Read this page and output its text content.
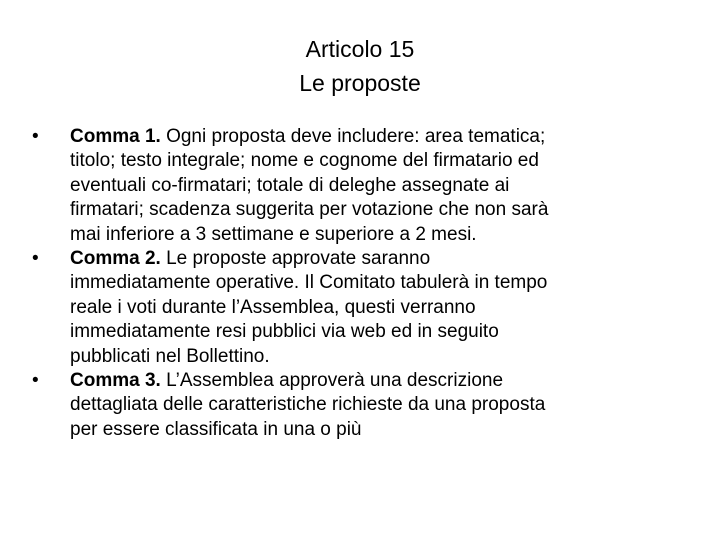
Articolo 15
Le proposte
• Comma 1. Ogni proposta deve includere: area tematica;
titolo; testo integrale; nome e cognome del firmatario ed
eventuali co-firmatari; totale di deleghe assegnate ai
firmatari; scadenza suggerita per votazione che non sarà
mai inferiore a 3 settimane e superiore a 2 mesi.
• Comma 2. Le proposte approvate saranno
immediatamente operative. Il Comitato tabulerà in tempo
reale i voti durante l’Assemblea, questi verranno
immediatamente resi pubblici via web ed in seguito
pubblicati nel Bollettino.
• Comma 3. L’Assemblea approverà una descrizione
dettagliata delle caratteristiche richieste da una proposta
per essere classificata in una o più
